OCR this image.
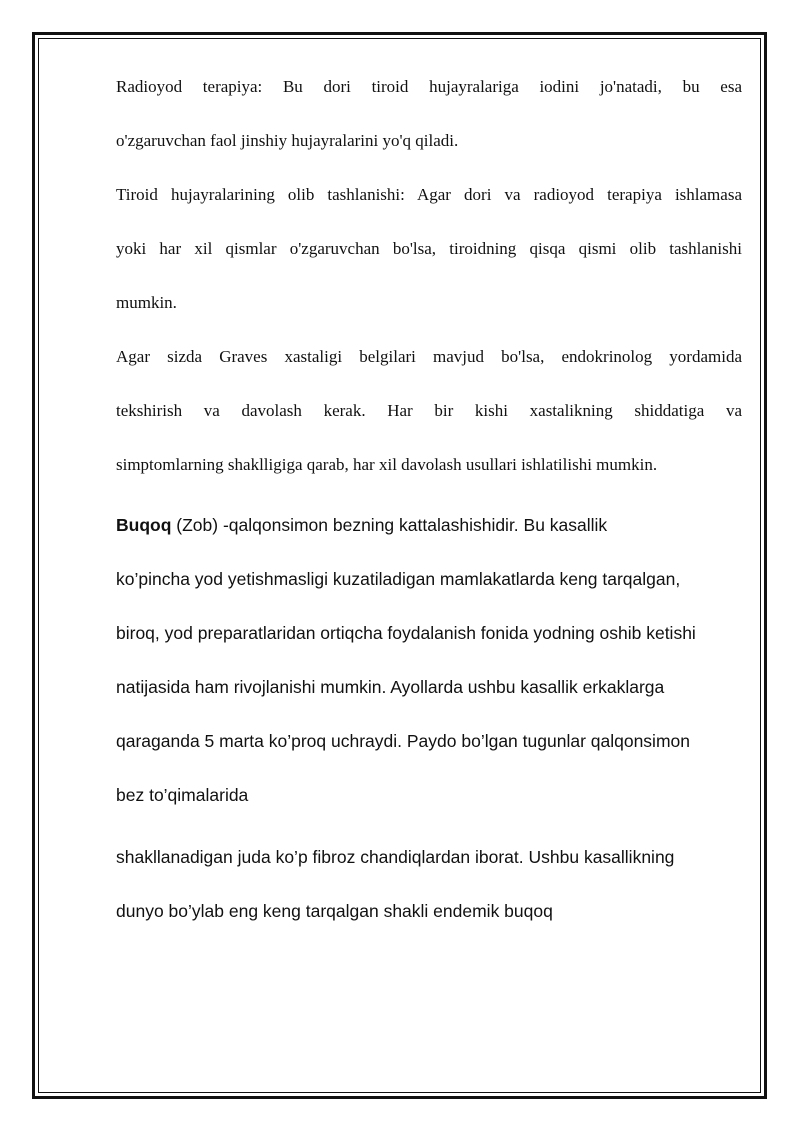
Radioyod terapiya: Bu dori tiroid hujayralariga iodini jo'natadi, bu esa
o'zgaruvchan faol jinshiy hujayralarini yo'q qiladi.
Tiroid hujayralarining olib tashlanishi: Agar dori va radioyod terapiya ishlamasa
yoki har xil qismlar o'zgaruvchan bo'lsa, tiroidning qisqa qismi olib tashlanishi
mumkin.
Agar sizda Graves xastaligi belgilari mavjud bo'lsa, endokrinolog yordamida
tekshirish va davolash kerak. Har bir kishi xastalikning shiddatiga va
simptomlarning shaklligiga qarab, har xil davolash usullari ishlatilishi mumkin.
Buqoq (Zob) -qalqonsimon bezning kattalashishidir. Bu kasallik
ko’pincha yod yetishmasligi kuzatiladigan mamlakatlarda keng tarqalgan,
biroq, yod preparatlaridan ortiqcha foydalanish fonida yodning oshib ketishi
natijasida ham rivojlanishi mumkin. Ayollarda ushbu kasallik erkaklarga
qaraganda 5 marta ko’proq uchraydi. Paydo bo’lgan tugunlar qalqonsimon
bez to’qimalarida
shakllanadigan juda ko’p fibroz chandiqlardan iborat. Ushbu kasallikning
dunyo bo’ylab eng keng tarqalgan shakli endemik buqoq
